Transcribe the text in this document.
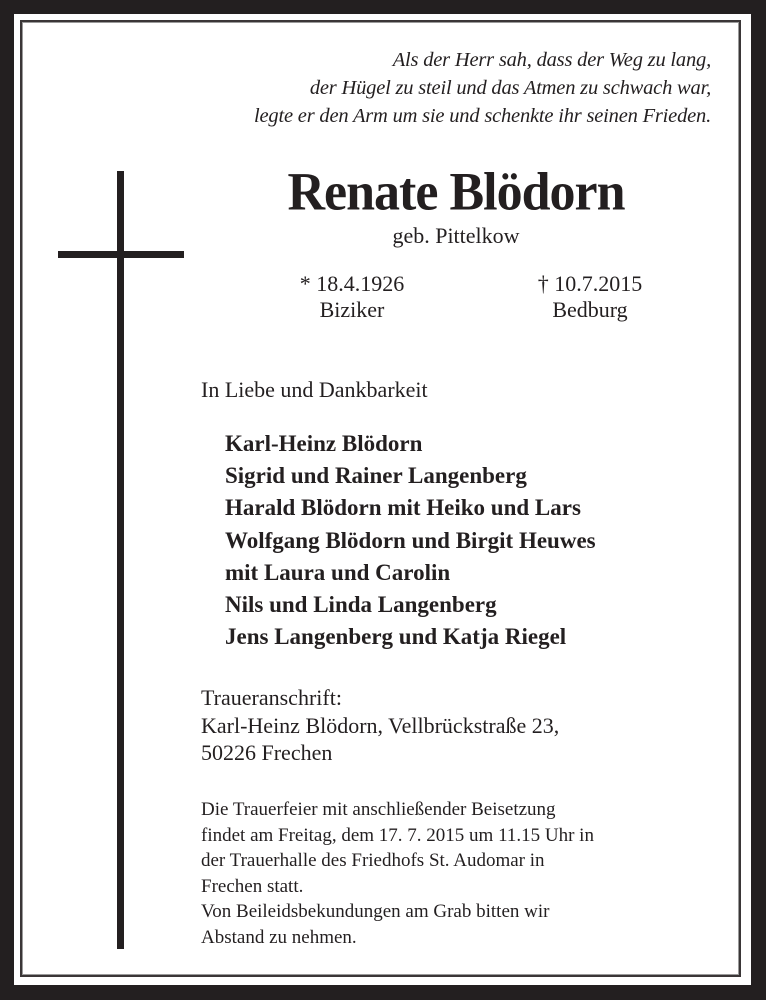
Als der Herr sah, dass der Weg zu lang,
der Hügel zu steil und das Atmen zu schwach war,
legte er den Arm um sie und schenkte ihr seinen Frieden.
Renate Blödorn
geb. Pittelkow
* 18.4.1926
Biziker
† 10.7.2015
Bedburg
In Liebe und Dankbarkeit
Karl-Heinz Blödorn
Sigrid und Rainer Langenberg
Harald Blödorn mit Heiko und Lars
Wolfgang Blödorn und Birgit Heuwes
mit Laura und Carolin
Nils und Linda Langenberg
Jens Langenberg und Katja Riegel
Traueranschrift:
Karl-Heinz Blödorn, Vellbrückstraße 23,
50226 Frechen
Die Trauerfeier mit anschließender Beisetzung
findet am Freitag, dem 17. 7. 2015 um 11.15 Uhr in
der Trauerhalle des Friedhofs St. Audomar in
Frechen statt.
Von Beileidsbekundungen am Grab bitten wir
Abstand zu nehmen.
